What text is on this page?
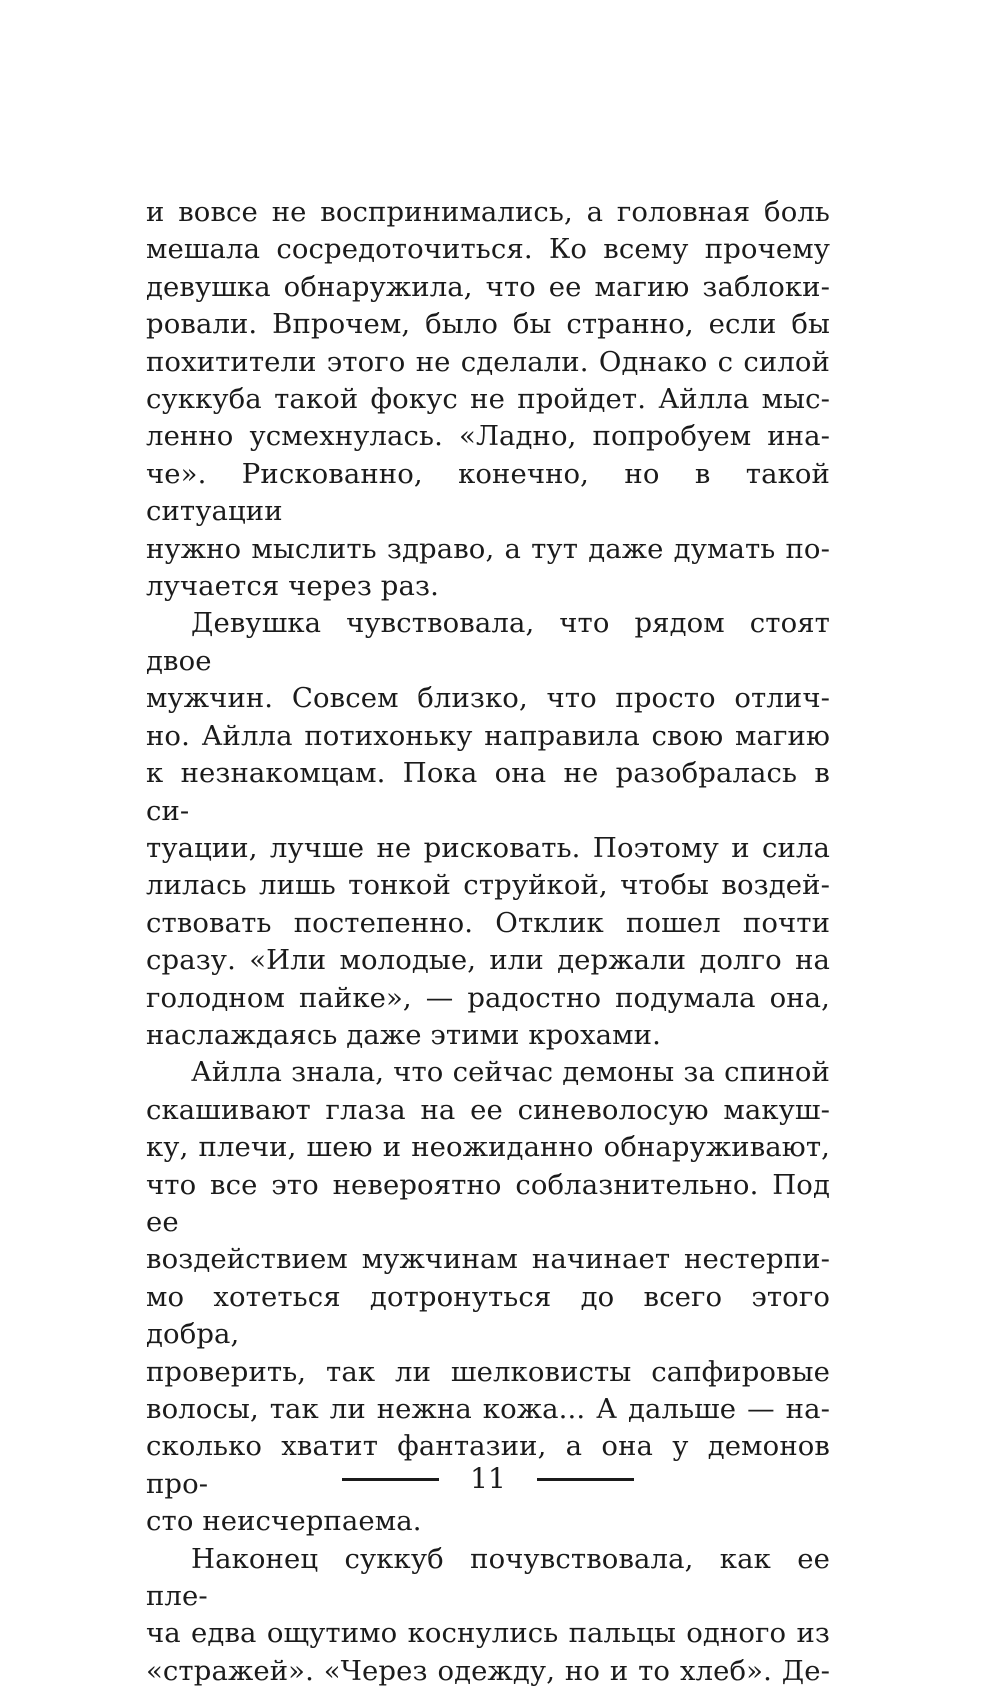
и вовсе не воспринимались, а головная боль
мешала сосредоточиться. Ко всему прочему
девушка обнаружила, что ее магию заблоки-
ровали. Впрочем, было бы странно, если бы
похитители этого не сделали. Однако с силой
суккуба такой фокус не пройдет. Айлла мыс-
ленно усмехнулась. «Ладно, попробуем ина-
че». Рискованно, конечно, но в такой ситуации
нужно мыслить здраво, а тут даже думать по-
лучается через раз.
Девушка чувствовала, что рядом стоят двое
мужчин. Совсем близко, что просто отлич-
но. Айлла потихоньку направила свою магию
к незнакомцам. Пока она не разобралась в си-
туации, лучше не рисковать. Поэтому и сила
лилась лишь тонкой струйкой, чтобы воздей-
ствовать постепенно. Отклик пошел почти
сразу. «Или молодые, или держали долго на
голодном пайке», — радостно подумала она,
наслаждаясь даже этими крохами.
Айлла знала, что сейчас демоны за спиной
скашивают глаза на ее синеволосую макуш-
ку, плечи, шею и неожиданно обнаруживают,
что все это невероятно соблазнительно. Под ее
воздействием мужчинам начинает нестерпи-
мо хотеться дотронуться до всего этого добра,
проверить, так ли шелковисты сапфировые
волосы, так ли нежна кожа... А дальше — на-
сколько хватит фантазии, а она у демонов про-
сто неисчерпаема.
Наконец суккуб почувствовала, как ее пле-
ча едва ощутимо коснулись пальцы одного из
«стражей». «Через одежду, но и то хлеб». Де-
11
